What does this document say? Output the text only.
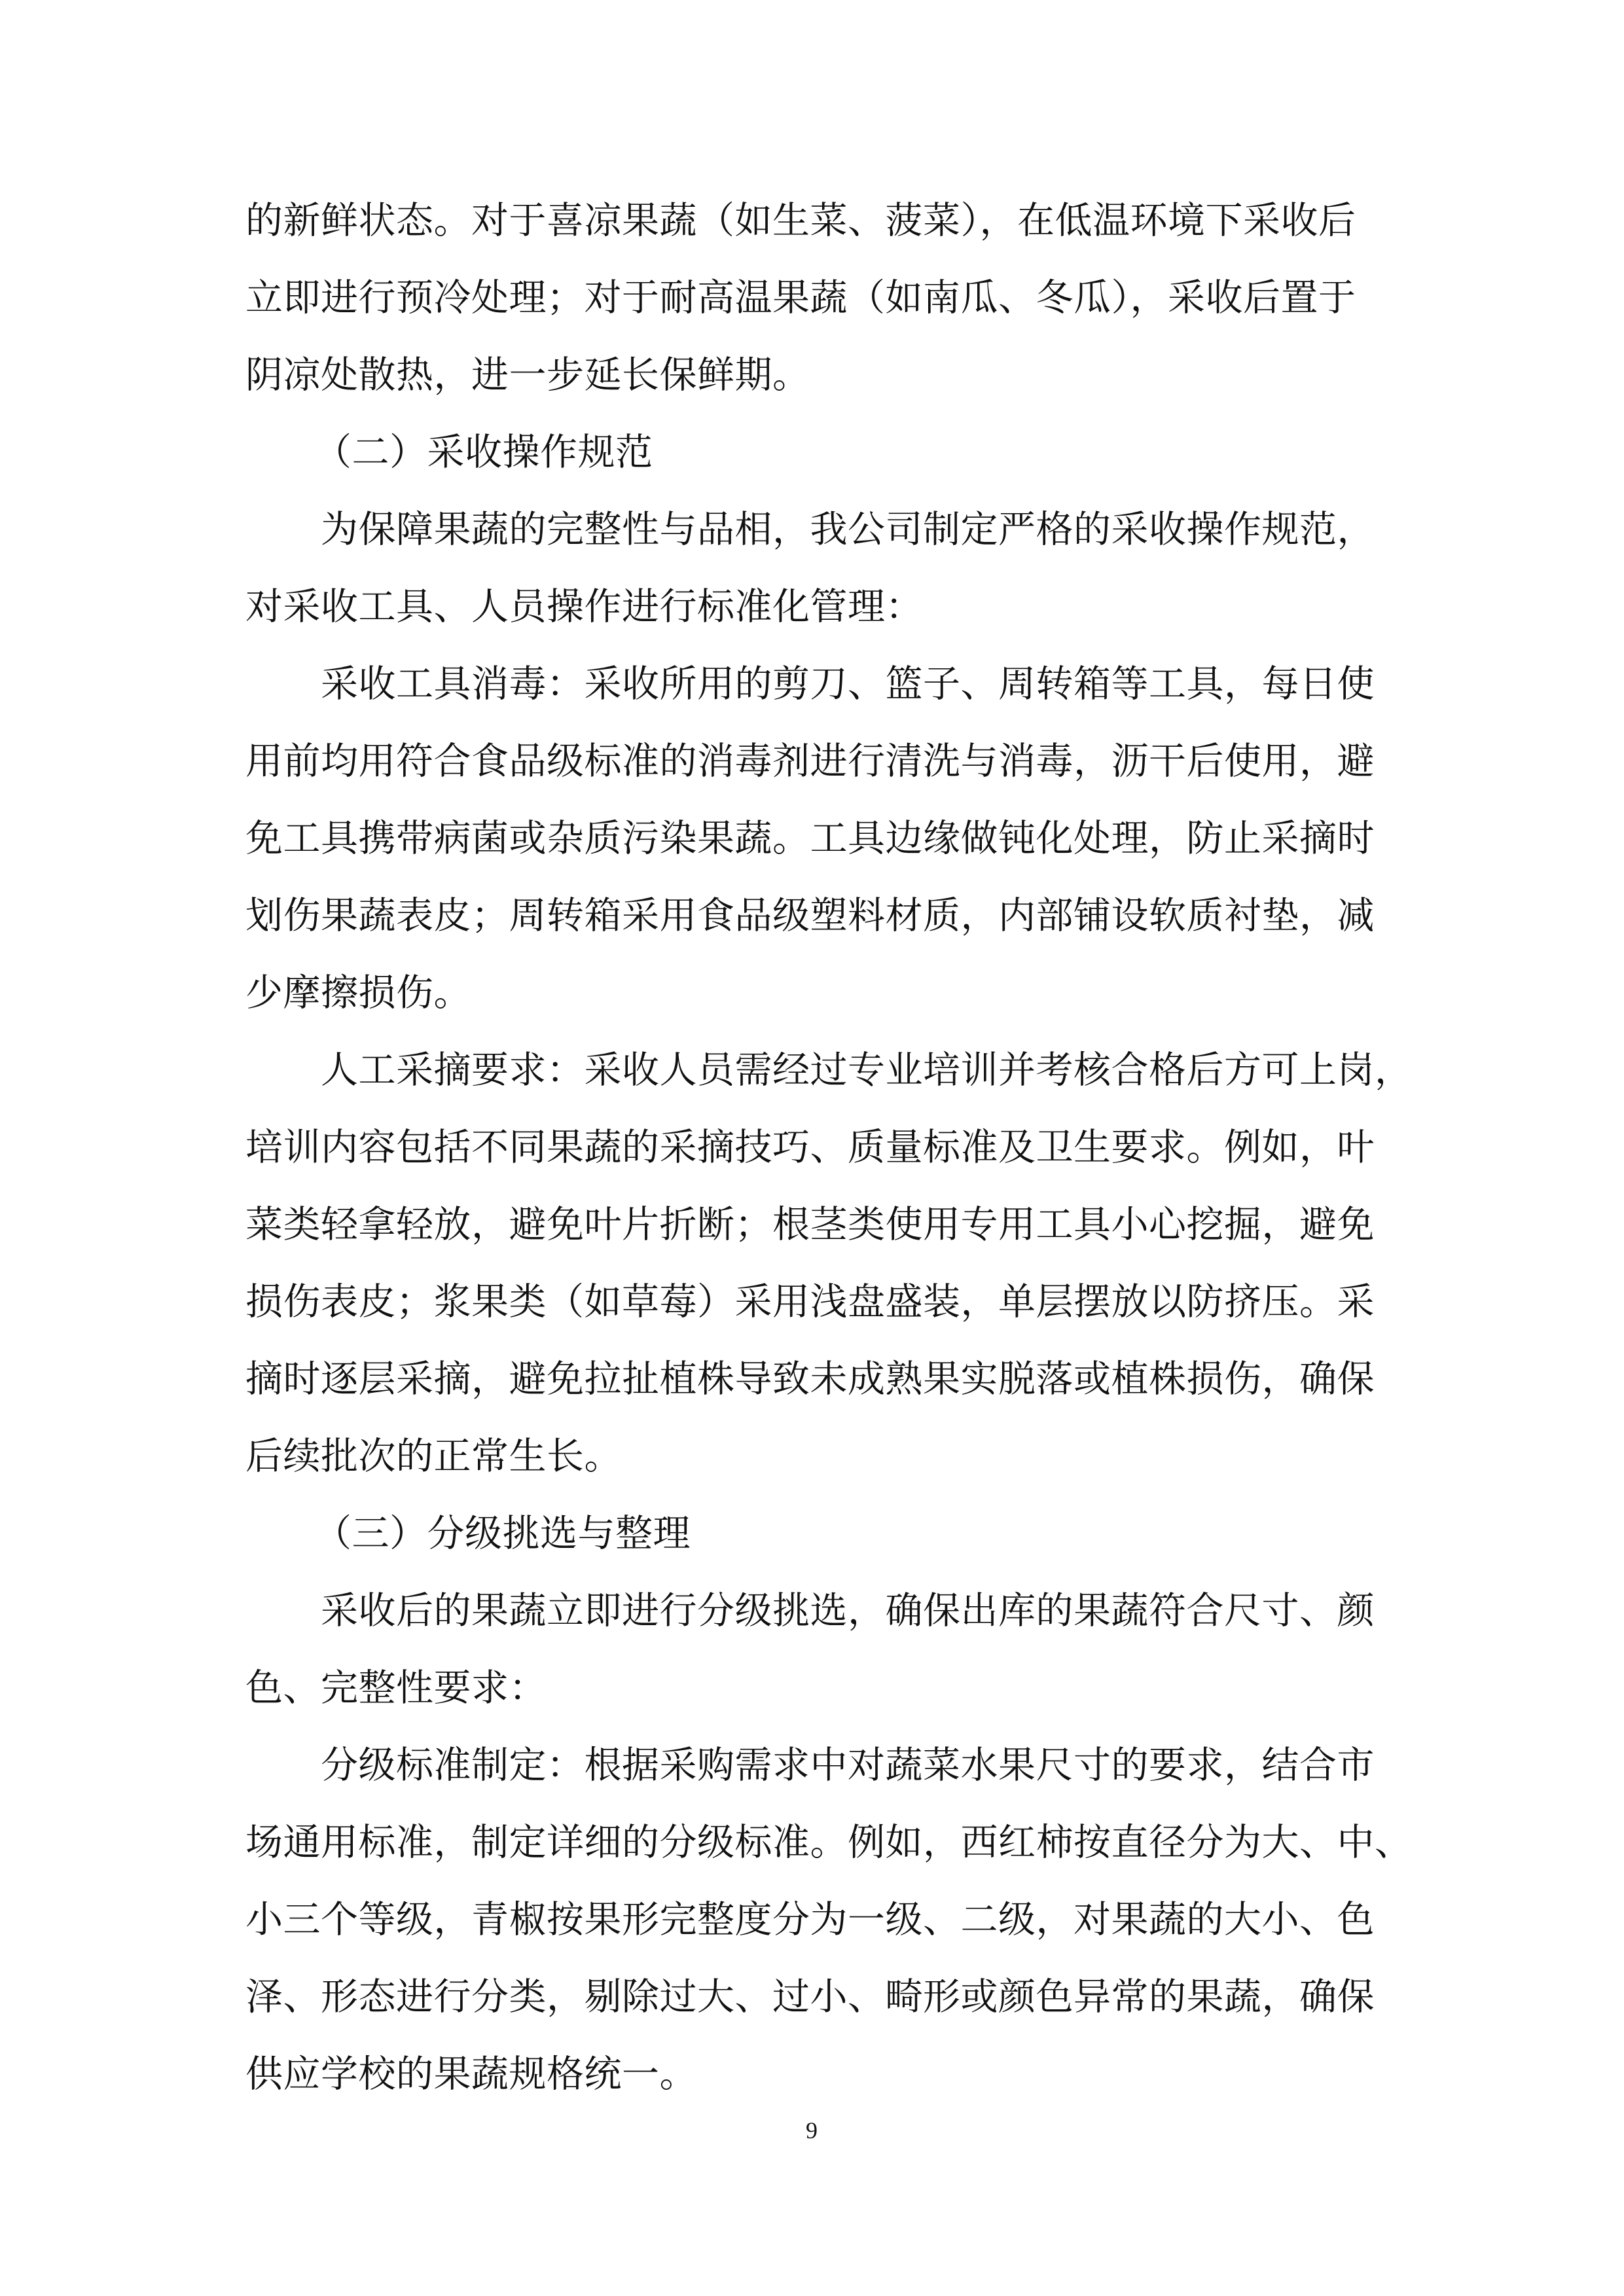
的新鲜状态。对于喜凉果蔬（如生菜、菠菜），在低温环境下采收后
立即进行预冷处理；对于耐高温果蔬（如南瓜、冬瓜），采收后置于
阴凉处散热，进一步延长保鲜期。
（二）采收操作规范
为保障果蔬的完整性与品相，我公司制定严格的采收操作规范，
对采收工具、人员操作进行标准化管理：
采收工具消毒：采收所用的剪刀、篮子、周转箱等工具，每日使
用前均用符合食品级标准的消毒剂进行清洗与消毒，沥干后使用，避
免工具携带病菌或杂质污染果蔬。工具边缘做钝化处理，防止采摘时
划伤果蔬表皮；周转箱采用食品级塑料材质，内部铺设软质衬垫，减
少摩擦损伤。
人工采摘要求：采收人员需经过专业培训并考核合格后方可上岗，
培训内容包括不同果蔬的采摘技巧、质量标准及卫生要求。例如，叶
菜类轻拿轻放，避免叶片折断；根茎类使用专用工具小心挖掘，避免
损伤表皮；浆果类（如草莓）采用浅盘盛装，单层摆放以防挤压。采
摘时逐层采摘，避免拉扯植株导致未成熟果实脱落或植株损伤，确保
后续批次的正常生长。
（三）分级挑选与整理
采收后的果蔬立即进行分级挑选，确保出库的果蔬符合尺寸、颜
色、完整性要求：
分级标准制定：根据采购需求中对蔬菜水果尺寸的要求，结合市
场通用标准，制定详细的分级标准。例如，西红柿按直径分为大、中、
小三个等级，青椒按果形完整度分为一级、二级，对果蔬的大小、色
泽、形态进行分类，剔除过大、过小、畸形或颜色异常的果蔬，确保
供应学校的果蔬规格统一。
9
